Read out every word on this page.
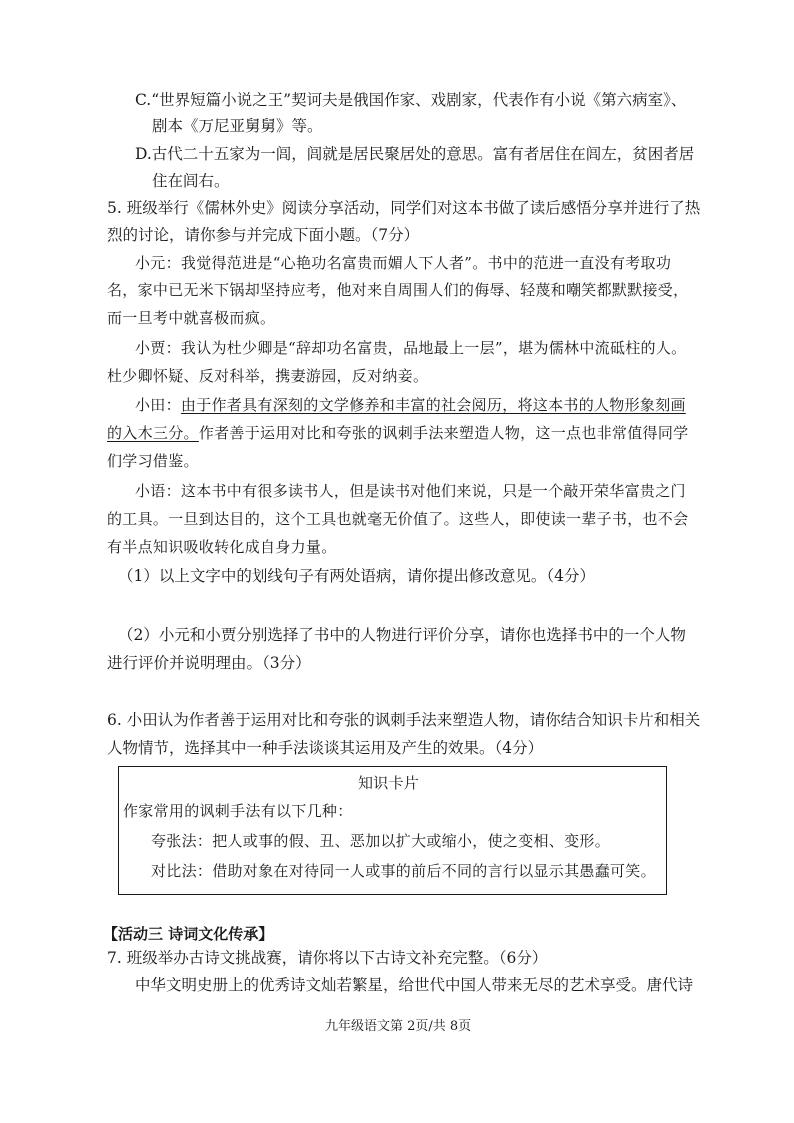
C.“世界短篇小说之王”契诃夫是俄国作家、戏剧家，代表作有小说《第六病室》、
剧本《万尼亚舅舅》等。
D.古代二十五家为一闾，闾就是居民聚居处的意思。富有者居住在闾左，贫困者居
住在闾右。
5. 班级举行《儒林外史》阅读分享活动，同学们对这本书做了读后感悟分享并进行了热
烈的讨论，请你参与并完成下面小题。（7分）
小元：我觉得范进是“心艳功名富贵而媚人下人者”。书中的范进一直没有考取功
名，家中已无米下锅却坚持应考，他对来自周围人们的侮辱、轻蔑和嘲笑都默默接受，
而一旦考中就喜极而疯。
小贾：我认为杜少卿是“辞却功名富贵，品地最上一层”，堪为儒林中流砥柱的人。
杜少卿怀疑、反对科举，携妻游园，反对纳妾。
小田：由于作者具有深刻的文学修养和丰富的社会阅历，将这本书的人物形象刻画
的入木三分。作者善于运用对比和夸张的讽刺手法来塑造人物，这一点也非常值得同学
们学习借鉴。
小语：这本书中有很多读书人，但是读书对他们来说，只是一个敲开荣华富贵之门
的工具。一旦到达目的，这个工具也就毫无价值了。这些人，即使读一辈子书，也不会
有半点知识吸收转化成自身力量。
（1）以上文字中的划线句子有两处语病，请你提出修改意见。（4分）
（2）小元和小贾分别选择了书中的人物进行评价分享，请你也选择书中的一个人物
进行评价并说明理由。（3分）
6. 小田认为作者善于运用对比和夸张的讽刺手法来塑造人物，请你结合知识卡片和相关
人物情节，选择其中一种手法谈谈其运用及产生的效果。（4分）
知识卡片
作家常用的讽刺手法有以下几种：
夸张法：把人或事的假、丑、恶加以扩大或缩小，使之变相、变形。
对比法：借助对象在对待同一人或事的前后不同的言行以显示其愚蠢可笑。
【活动三 诗词文化传承】
7. 班级举办古诗文挑战赛，请你将以下古诗文补充完整。（6分）
中华文明史册上的优秀诗文灿若繁星，给世代中国人带来无尽的艺术享受。唐代诗
九年级语文第 2页/共 8页
